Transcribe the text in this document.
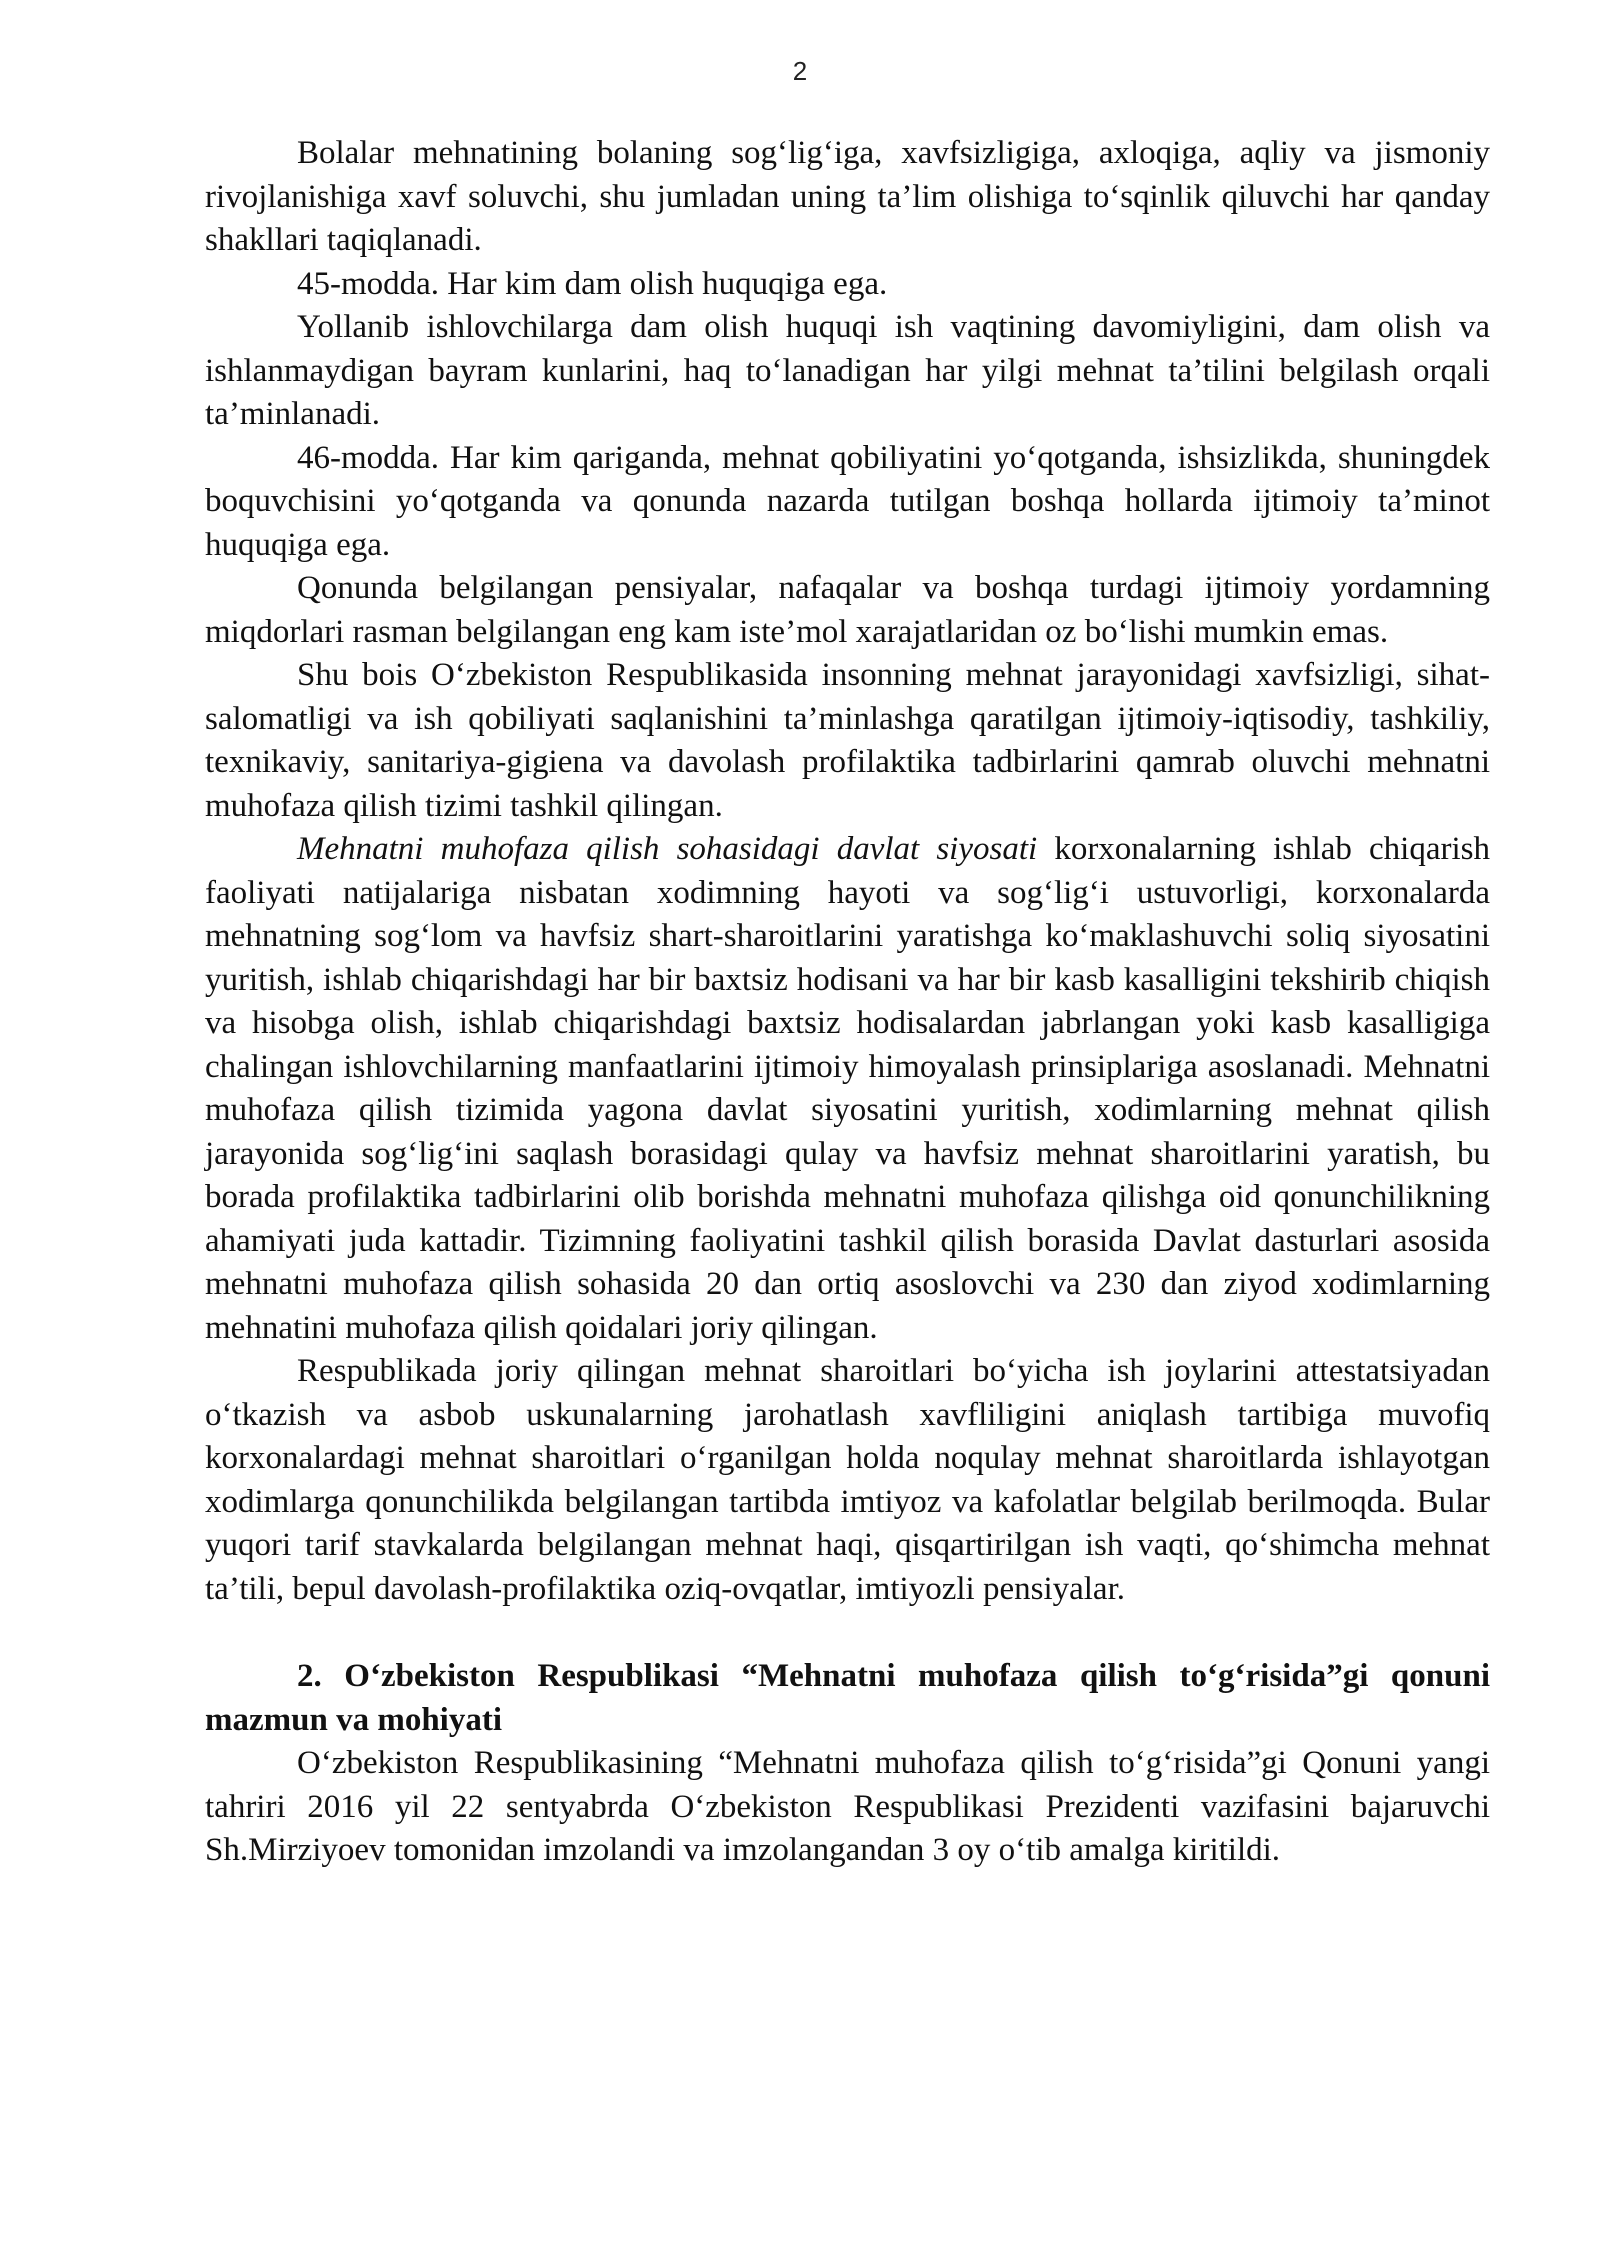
2

Bolalar mehnatining bolaning sog‘lig‘iga, xavfsizligiga, axloqiga, aqliy va jismoniy rivojlanishiga xavf soluvchi, shu jumladan uning ta’lim olishiga to‘sqinlik qiluvchi har qanday shakllari taqiqlanadi.

45-modda. Har kim dam olish huquqiga ega.

Yollanib ishlovchilarga dam olish huquqi ish vaqtining davomiyligini, dam olish va ishlanmaydigan bayram kunlarini, haq to‘lanadigan har yilgi mehnat ta’tilini belgilash orqali ta’minlanadi.

46-modda. Har kim qariganda, mehnat qobiliyatini yo‘qotganda, ishsizlikda, shuningdek boquvchisini yo‘qotganda va qonunda nazarda tutilgan boshqa hollarda ijtimoiy ta’minot huquqiga ega.

Qonunda belgilangan pensiyalar, nafaqalar va boshqa turdagi ijtimoiy yordamning miqdorlari rasman belgilangan eng kam iste’mol xarajatlaridan oz bo‘lishi mumkin emas.

Shu bois O‘zbekiston Respublikasida insonning mehnat jarayonidagi xavfsizligi, sihat-salomatligi va ish qobiliyati saqlanishini ta’minlashga qaratilgan ijtimoiy-iqtisodiy, tashkiliy, texnikaviy, sanitariya-gigiena va davolash profilaktika tadbirlarini qamrab oluvchi mehnatni muhofaza qilish tizimi tashkil qilingan.

Mehnatni muhofaza qilish sohasidagi davlat siyosati korxonalarning ishlab chiqarish faoliyati natijalariga nisbatan xodimning hayoti va sog‘lig‘i ustuvorligi, korxonalarda mehnatning sog‘lom va havfsiz shart-sharoitlarini yaratishga ko‘maklashuvchi soliq siyosatini yuritish, ishlab chiqarishdagi har bir baxtsiz hodisani va har bir kasb kasalligini tekshirib chiqish va hisobga olish, ishlab chiqarishdagi baxtsiz hodisalardan jabrlangan yoki kasb kasalligiga chalingan ishlovchilarning manfaatlarini ijtimoiy himoyalash prinsiplariga asoslanadi. Mehnatni muhofaza qilish tizimida yagona davlat siyosatini yuritish, xodimlarning mehnat qilish jarayonida sog‘lig‘ini saqlash borasidagi qulay va havfsiz mehnat sharoitlarini yaratish, bu borada profilaktika tadbirlarini olib borishda mehnatni muhofaza qilishga oid qonunchilikning ahamiyati juda kattadir. Tizimning faoliyatini tashkil qilish borasida Davlat dasturlari asosida mehnatni muhofaza qilish sohasida 20 dan ortiq asoslovchi va 230 dan ziyod xodimlarning mehnatini muhofaza qilish qoidalari joriy qilingan.

Respublikada joriy qilingan mehnat sharoitlari bo‘yicha ish joylarini attestatsiyadan o‘tkazish va asbob uskunalarning jarohatlash xavfliligini aniqlash tartibiga muvofiq korxonalardagi mehnat sharoitlari o‘rganilgan holda noqulay mehnat sharoitlarda ishlayotgan xodimlarga qonunchilikda belgilangan tartibda imtiyoz va kafolatlar belgilab berilmoqda. Bular yuqori tarif stavkalarda belgilangan mehnat haqi, qisqartirilgan ish vaqti, qo‘shimcha mehnat ta’tili, bepul davolash-profilaktika oziq-ovqatlar, imtiyozli pensiyalar.

2. O‘zbekiston Respublikasi “Mehnatni muhofaza qilish to‘g‘risida”gi qonuni mazmun va mohiyati

O‘zbekiston Respublikasining “Mehnatni muhofaza qilish to‘g‘risida”gi Qonuni yangi tahriri 2016 yil 22 sentyabrda O‘zbekiston Respublikasi Prezidenti vazifasini bajaruvchi Sh.Mirziyoev tomonidan imzolandi va imzolangandan 3 oy o‘tib amalga kiritildi.
